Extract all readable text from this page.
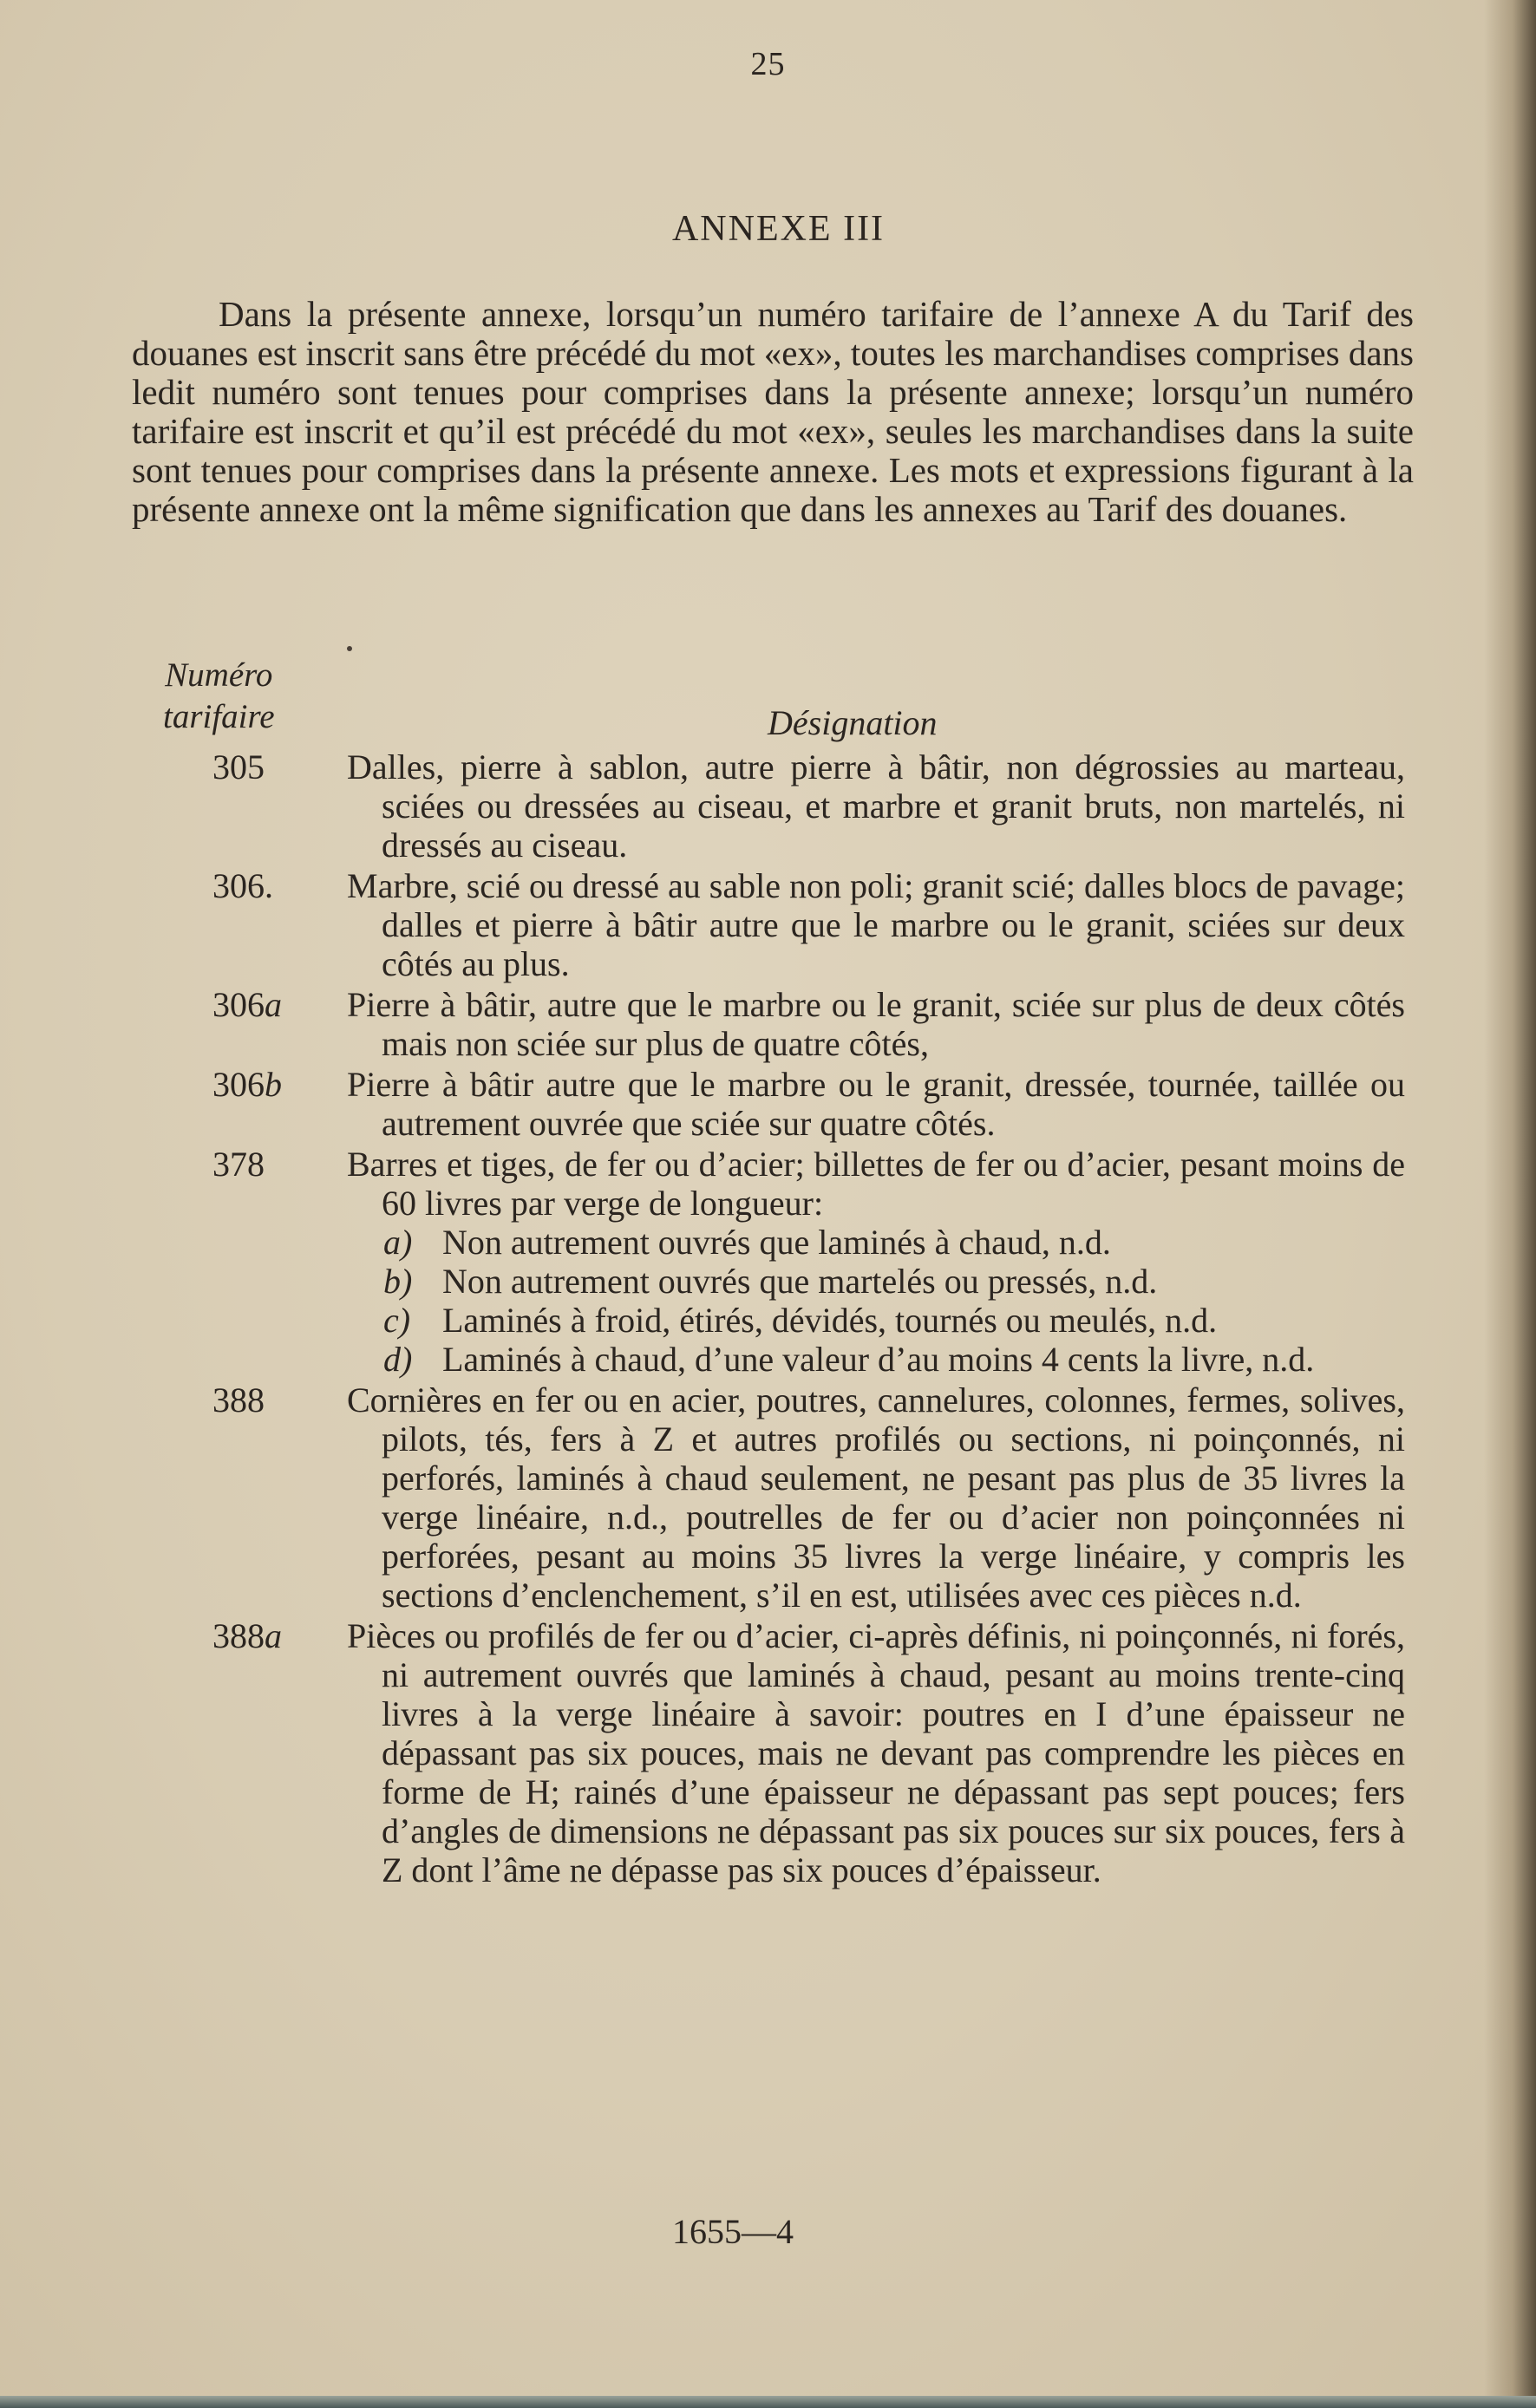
25
ANNEXE III
Dans la présente annexe, lorsqu’un numéro tarifaire de l’annexe A du Tarif des douanes est inscrit sans être précédé du mot «ex», toutes les marchandises comprises dans ledit numéro sont tenues pour comprises dans la présente annexe; lorsqu’un numéro tarifaire est inscrit et qu’il est précédé du mot «ex», seules les marchandises dans la suite sont tenues pour comprises dans la présente annexe. Les mots et expressions figurant à la présente annexe ont la même signification que dans les annexes au Tarif des douanes.
Numéro
tarifaire	Désignation
305	Dalles, pierre à sablon, autre pierre à bâtir, non dégrossies au marteau, sciées ou dressées au ciseau, et marbre et granit bruts, non martelés, ni dressés au ciseau.
306.	Marbre, scié ou dressé au sable non poli; granit scié; dalles blocs de pavage; dalles et pierre à bâtir autre que le marbre ou le granit, sciées sur deux côtés au plus.
306a	Pierre à bâtir, autre que le marbre ou le granit, sciée sur plus de deux côtés mais non sciée sur plus de quatre côtés,
306b	Pierre à bâtir autre que le marbre ou le granit, dressée, tournée, taillée ou autrement ouvrée que sciée sur quatre côtés.
378	Barres et tiges, de fer ou d’acier; billettes de fer ou d’acier, pesant moins de 60 livres par verge de longueur:
a) Non autrement ouvrés que laminés à chaud, n.d.
b) Non autrement ouvrés que martelés ou pressés, n.d.
c) Laminés à froid, étirés, dévidés, tournés ou meulés, n.d.
d) Laminés à chaud, d’une valeur d’au moins 4 cents la livre, n.d.
388	Cornières en fer ou en acier, poutres, cannelures, colonnes, fermes, solives, pilots, tés, fers à Z et autres profilés ou sections, ni poinçonnés, ni perforés, laminés à chaud seulement, ne pesant pas plus de 35 livres la verge linéaire, n.d., poutrelles de fer ou d’acier non poinçonnées ni perforées, pesant au moins 35 livres la verge linéaire, y compris les sections d’enclenchement, s’il en est, utilisées avec ces pièces n.d.
388a	Pièces ou profilés de fer ou d’acier, ci-après définis, ni poinçonnés, ni forés, ni autrement ouvrés que laminés à chaud, pesant au moins trente-cinq livres à la verge linéaire à savoir: poutres en I d’une épaisseur ne dépassant pas six pouces, mais ne devant pas comprendre les pièces en forme de H; rainés d’une épaisseur ne dépassant pas sept pouces; fers d’angles de dimensions ne dépassant pas six pouces sur six pouces, fers à Z dont l’âme ne dépasse pas six pouces d’épaisseur.
1655—4
